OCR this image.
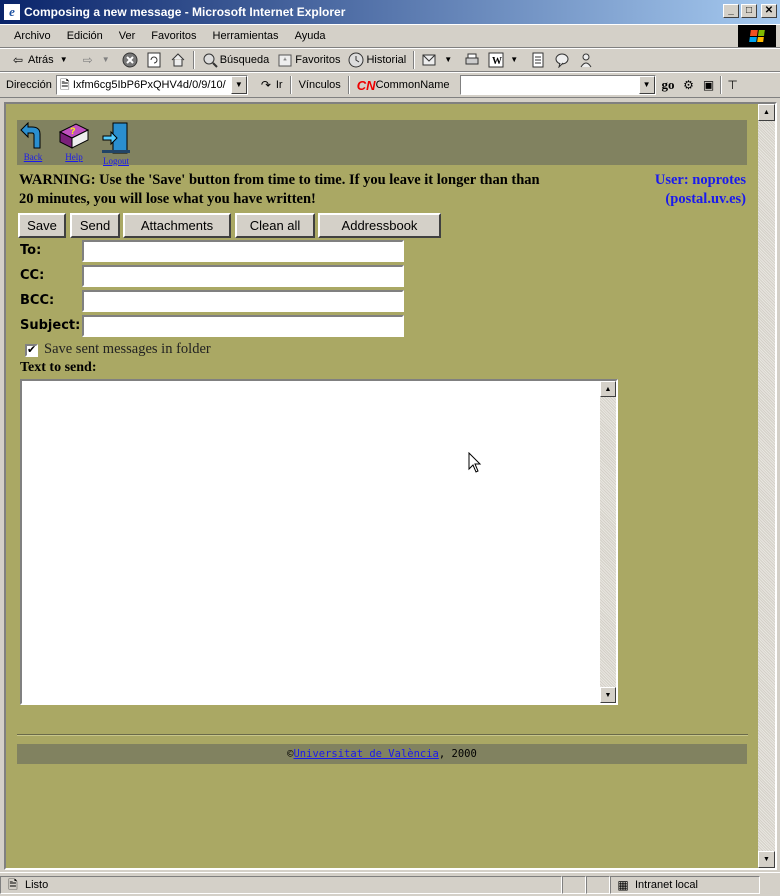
e Composing a new message - Microsoft Internet Explorer	_	□	✕
Archivo	Edición	Ver	Favoritos	Herramientas	Ayuda
⇦ Atrás ▼	⇨	▼	Búsqueda Favoritos Historial	▼	W	▼
Dirección 🗎 Ixfm6cg5IbP6PxQHV4d/0/9/10/	▼	↷ Ir	Vínculos	CN CommonName	▼ go ⚙ ▣ ⊤
Back
?
Help Logout
WARNING: Use the 'Save' button from time to time. If you leave it longer than than
20 minutes, you will lose what you have written!
User: noprotes
(postal.uv.es)
Save	Send	Attachments	Clean all	Addressbook
To:
CC:
BCC:
Subject:
✔ Save sent messages in folder
Text to send:
▲
▼
© Universitat de València , 2000
▲
▼
🗎 Listo	▦ Intranet local
